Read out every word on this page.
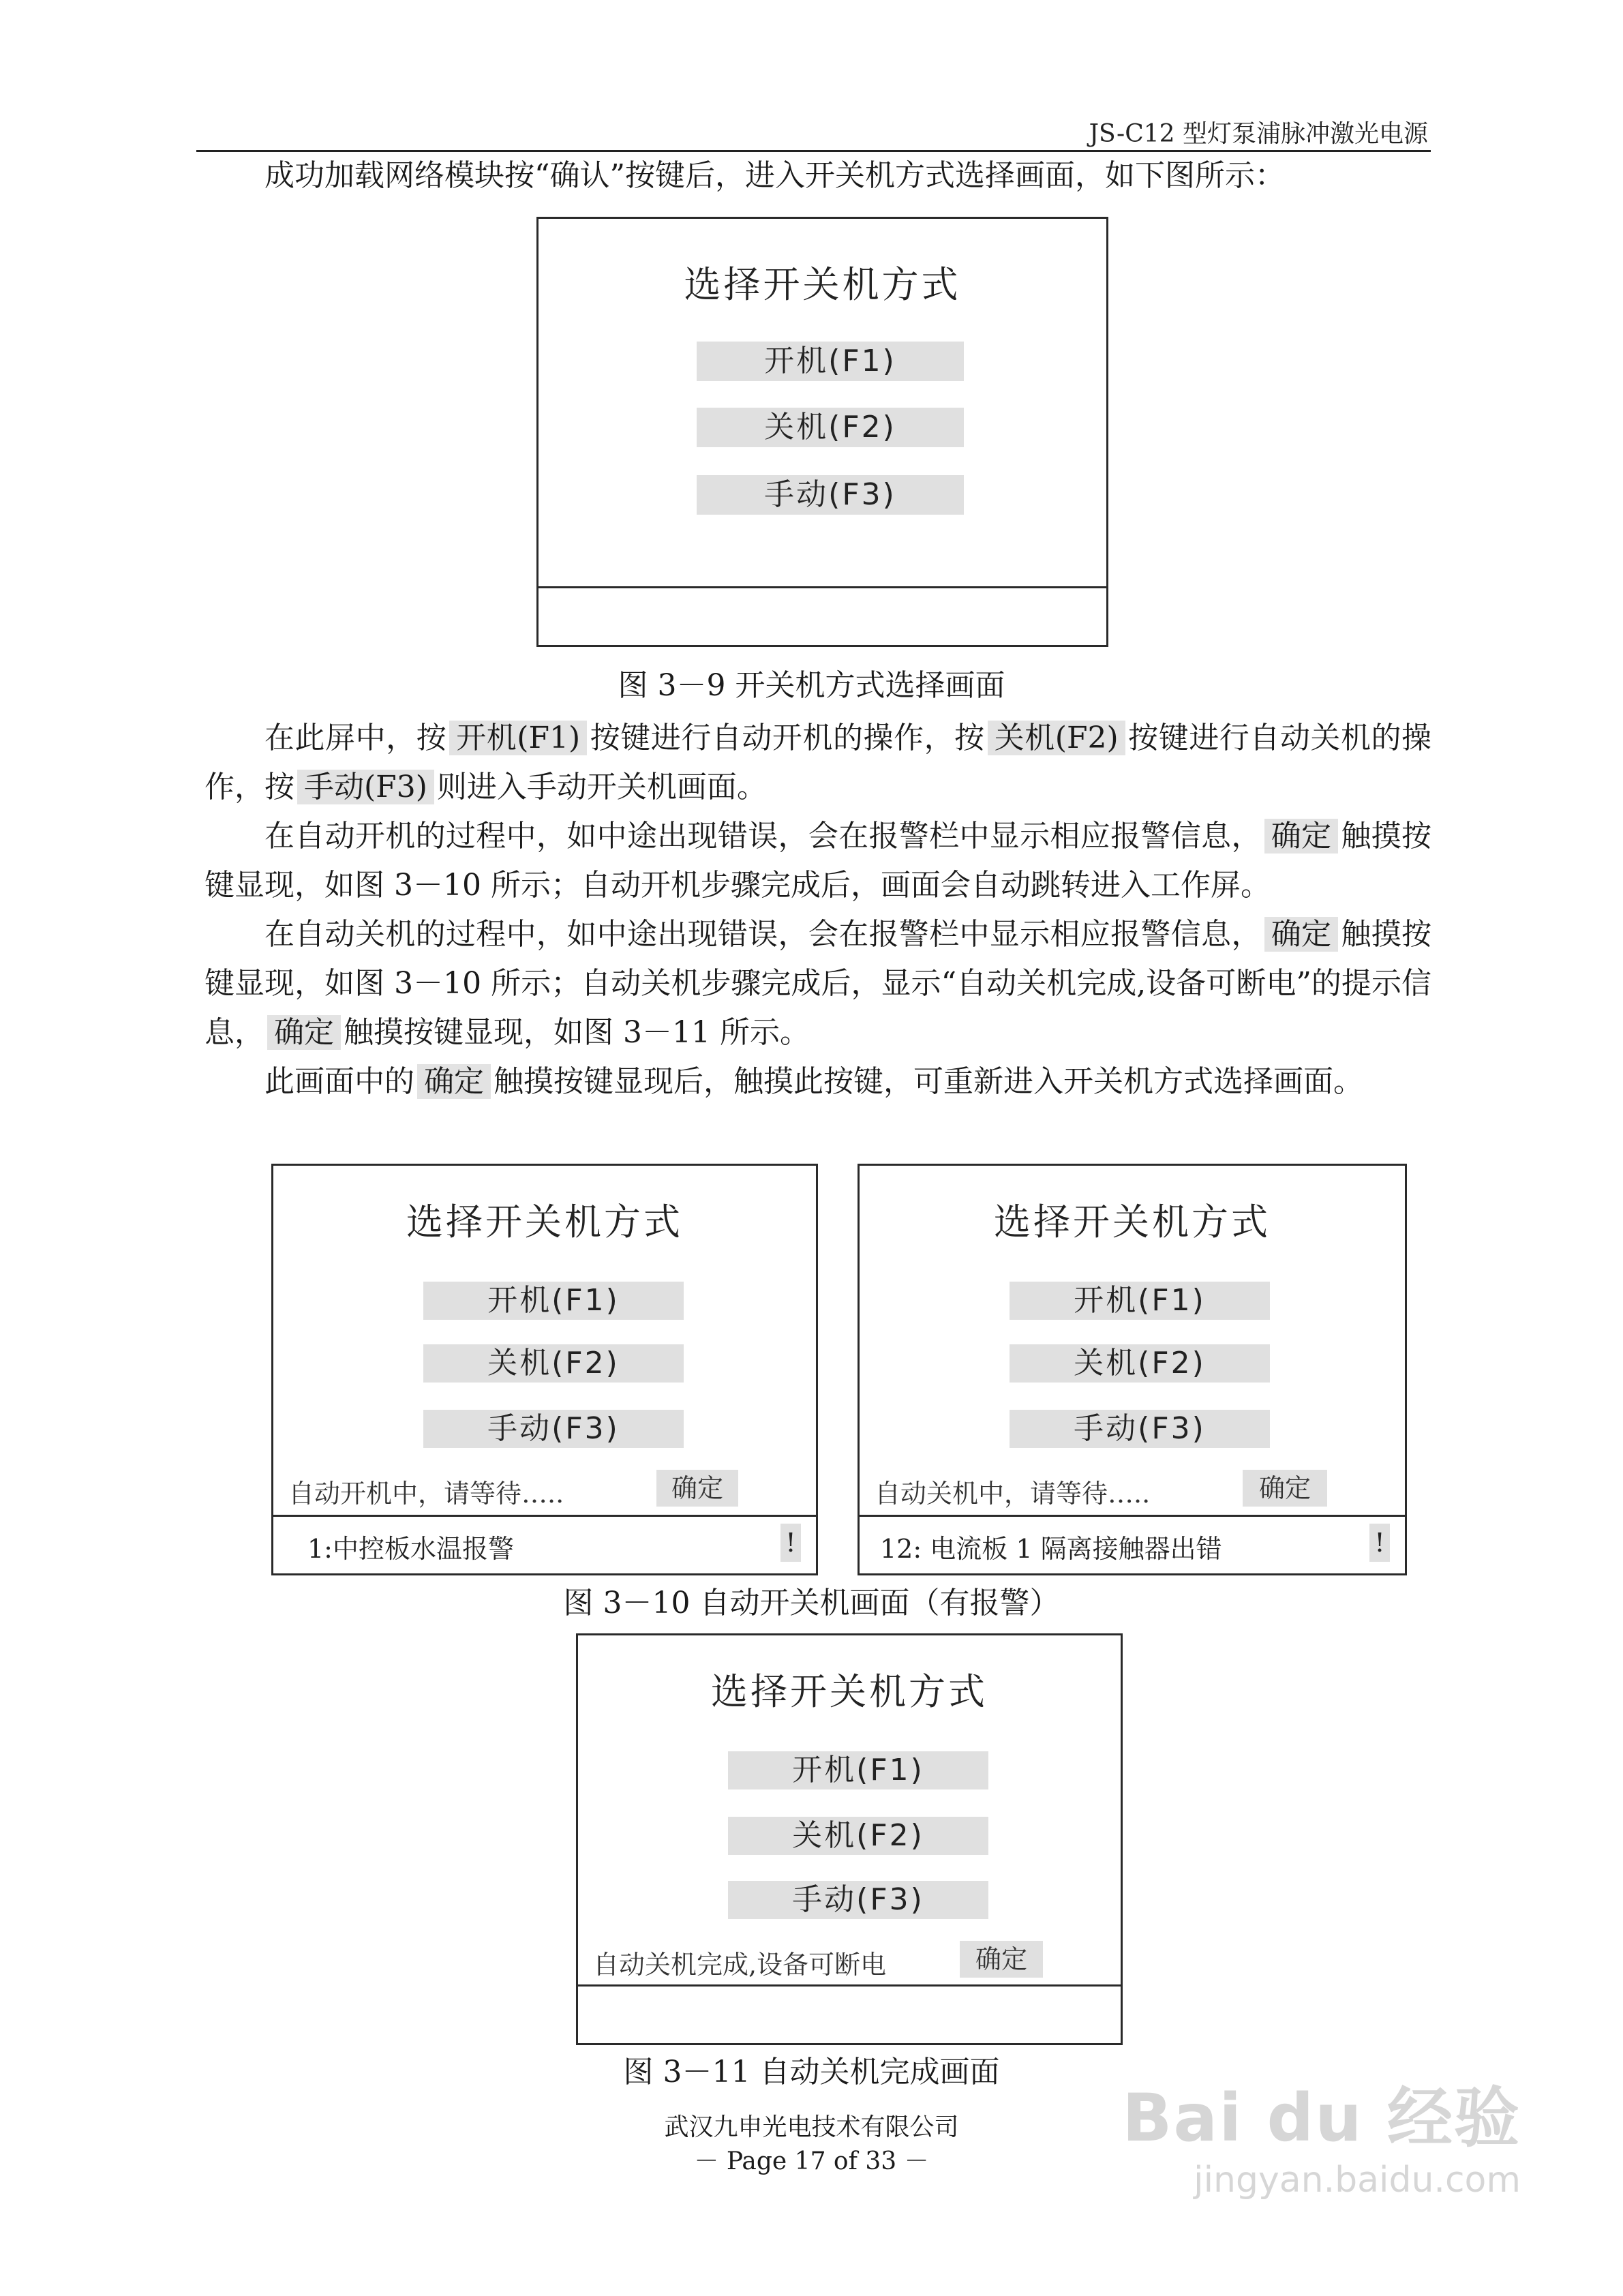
JS-C12 型灯泵浦脉冲激光电源
成功加载网络模块按“确认”按键后，进入开关机方式选择画面，如下图所示：
选择开关机方式
开机(F1)
关机(F2)
手动(F3)
图 3－9 开关机方式选择画面
在此屏中，按 开机(F1) 按键进行自动开机的操作，按 关机(F2) 按键进行自动关机的操作，按 手动(F3) 则进入手动开关机画面。
在自动开机的过程中，如中途出现错误，会在报警栏中显示相应报警信息， 确定 触摸按键显现，如图 3－10 所示；自动开机步骤完成后，画面会自动跳转进入工作屏。
在自动关机的过程中，如中途出现错误，会在报警栏中显示相应报警信息， 确定 触摸按键显现，如图 3－10 所示；自动关机步骤完成后，显示“自动关机完成,设备可断电”的提示信息， 确定 触摸按键显现，如图 3－11 所示。
此画面中的 确定 触摸按键显现后，触摸此按键，可重新进入开关机方式选择画面。
选择开关机方式
开机(F1)
关机(F2)
手动(F3)
自动开机中，请等待…..	确定
1:中控板水温报警	!
选择开关机方式
开机(F1)
关机(F2)
手动(F3)
自动关机中，请等待…..	确定
12: 电流板 1 隔离接触器出错	!
图 3－10 自动开关机画面（有报警）
选择开关机方式
开机(F1)
关机(F2)
手动(F3)
自动关机完成,设备可断电	确定
图 3－11 自动关机完成画面
武汉九申光电技术有限公司
－ Page 17 of 33 －
Bai du 经验
jingyan.baidu.com
